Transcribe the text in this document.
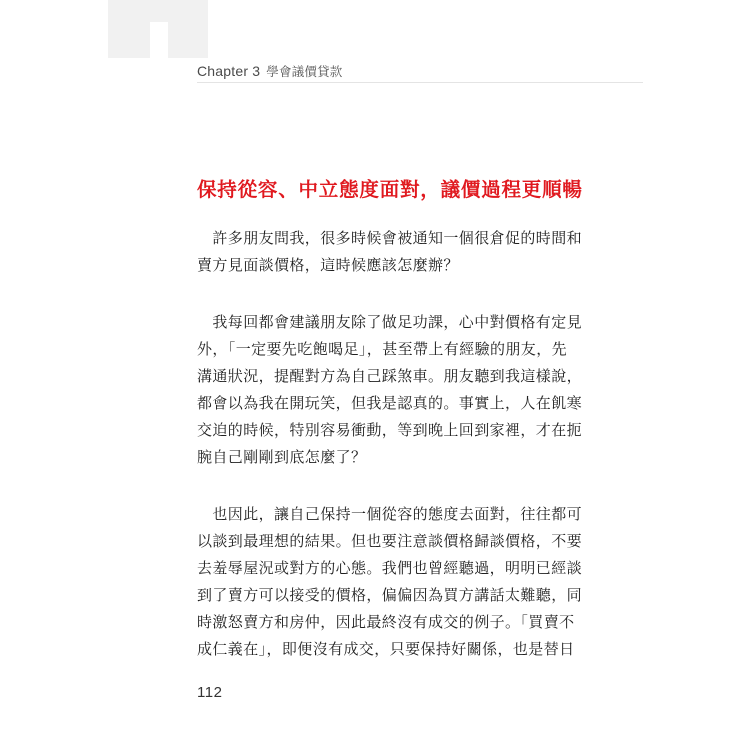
Chapter 3 學會議價貸款
保持從容、中立態度面對，議價過程更順暢
　許多朋友問我，很多時候會被通知一個很倉促的時間和
賣方見面談價格，這時候應該怎麼辦？
　我每回都會建議朋友除了做足功課，心中對價格有定見
外，「一定要先吃飽喝足」，甚至帶上有經驗的朋友，先
溝通狀況，提醒對方為自己踩煞車。朋友聽到我這樣說，
都會以為我在開玩笑，但我是認真的。事實上，人在飢寒
交迫的時候，特別容易衝動，等到晚上回到家裡，才在扼
腕自己剛剛到底怎麼了？
　也因此，讓自己保持一個從容的態度去面對，往往都可
以談到最理想的結果。但也要注意談價格歸談價格，不要
去羞辱屋況或對方的心態。我們也曾經聽過，明明已經談
到了賣方可以接受的價格，偏偏因為買方講話太難聽，同
時激怒賣方和房仲，因此最終沒有成交的例子。「買賣不
成仁義在」，即便沒有成交，只要保持好關係，也是替日
112
